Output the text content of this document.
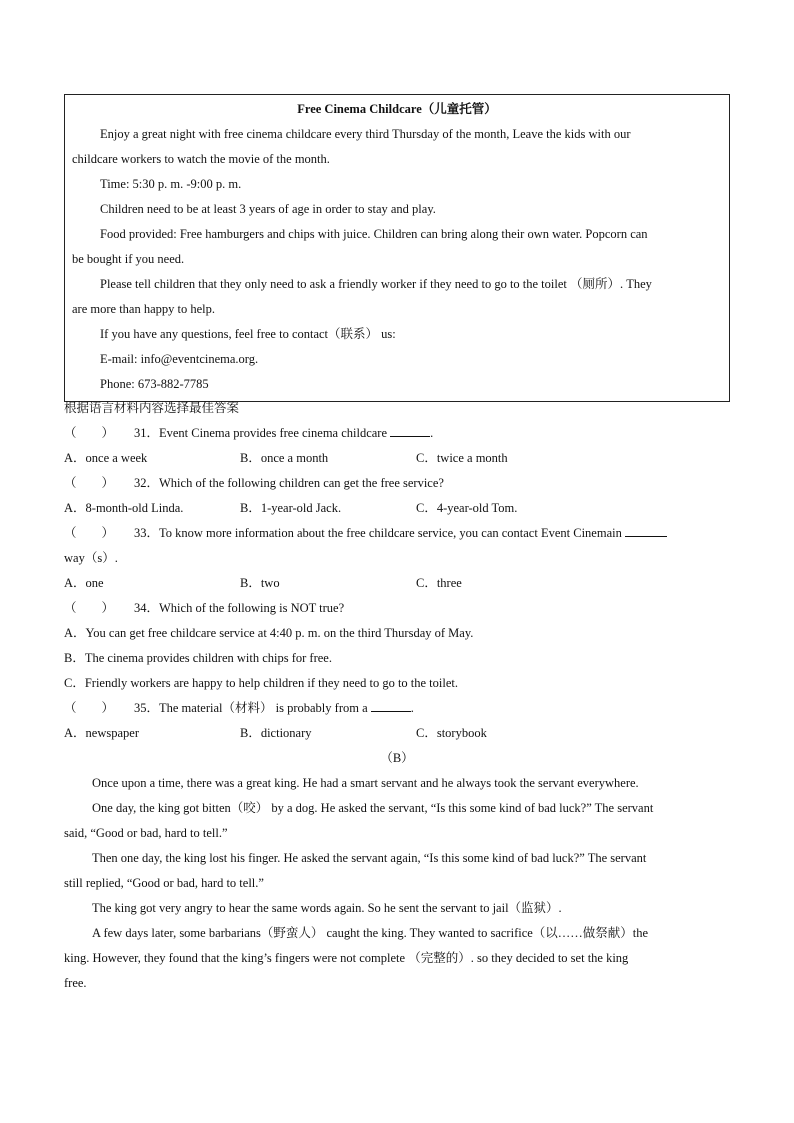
Free Cinema Childcare（儿童托管）
Enjoy a great night with free cinema childcare every third Thursday of the month, Leave the kids with our
childcare workers to watch the movie of the month.
Time: 5:30 p. m. -9:00 p. m.
Children need to be at least 3 years of age in order to stay and play.
Food provided: Free hamburgers and chips with juice. Children can bring along their own water. Popcorn can
be bought if you need.
Please tell children that they only need to ask a friendly worker if they need to go to the toilet （厕所）. They
are more than happy to help.
If you have any questions, feel free to contact（联系） us:
E-mail: info@eventcinema.org.
Phone: 673-882-7785
根据语言材料内容选择最佳答案
（　　） 31．Event Cinema provides free cinema childcare	.
A．once a week	B．once a month	C．twice a month
（　　） 32．Which of the following children can get the free service?
A．8-month-old Linda.	B．1-year-old Jack.	C．4-year-old Tom.
（　　） 33．To know more information about the free childcare service, you can contact Event Cinemain
way（s）.
A．one	B．two	C．three
（　　） 34．Which of the following is NOT true?
A．You can get free childcare service at 4:40 p. m. on the third Thursday of May.
B．The cinema provides children with chips for free.
C．Friendly workers are happy to help children if they need to go to the toilet.
（　　） 35．The material（材料） is probably from a	.
A．newspaper	B．dictionary	C．storybook
（B）
Once upon a time, there was a great king. He had a smart servant and he always took the servant everywhere.
One day, the king got bitten（咬） by a dog. He asked the servant, “Is this some kind of bad luck?” The servant
said, “Good or bad, hard to tell.”
Then one day, the king lost his finger. He asked the servant again, “Is this some kind of bad luck?” The servant
still replied, “Good or bad, hard to tell.”
The king got very angry to hear the same words again. So he sent the servant to jail（监狱）.
A few days later, some barbarians（野蛮人） caught the king. They wanted to sacrifice（以……做祭献）the
king. However, they found that the king’s fingers were not complete （完整的）. so they decided to set the king
free.
